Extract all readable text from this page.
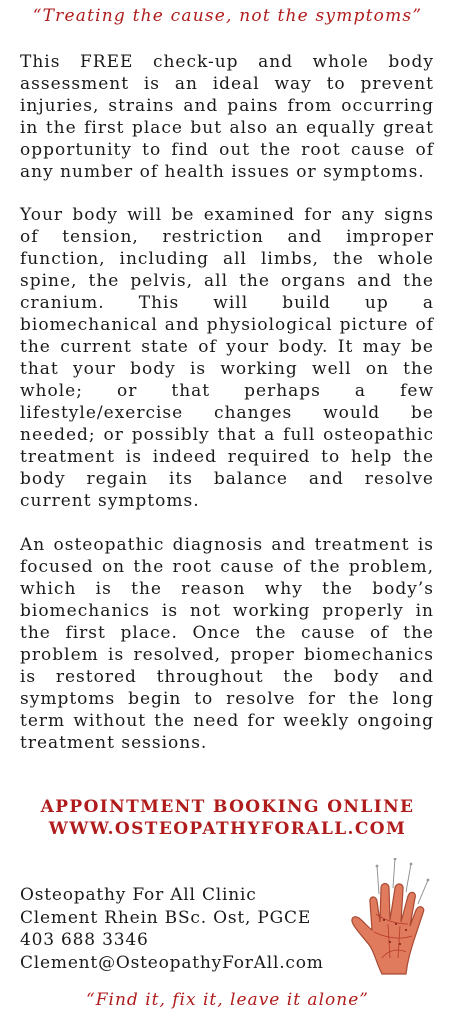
“Treating the cause, not the symptoms”

This FREE check-up and whole body assessment is an ideal way to prevent injuries, strains and pains from occurring in the first place but also an equally great opportunity to find out the root cause of any number of health issues or symptoms.

Your body will be examined for any signs of tension, restriction and improper function, including all limbs, the whole spine, the pelvis, all the organs and the cranium. This will build up a biomechanical and physiological picture of the current state of your body. It may be that your body is working well on the whole; or that perhaps a few lifestyle/exercise changes would be needed; or possibly that a full osteopathic treatment is indeed required to help the body regain its balance and resolve current symptoms.

An osteopathic diagnosis and treatment is focused on the root cause of the problem, which is the reason why the body’s biomechanics is not working properly in the first place. Once the cause of the problem is resolved, proper biomechanics is restored throughout the body and symptoms begin to resolve for the long term without the need for weekly ongoing treatment sessions.

APPOINTMENT BOOKING ONLINE
WWW.OSTEOPATHYFORALL.COM
Osteopathy For All Clinic
Clement Rhein BSc. Ost, PGCE
403 688 3346
Clement@OsteopathyForAll.com
“Find it, fix it, leave it alone”
